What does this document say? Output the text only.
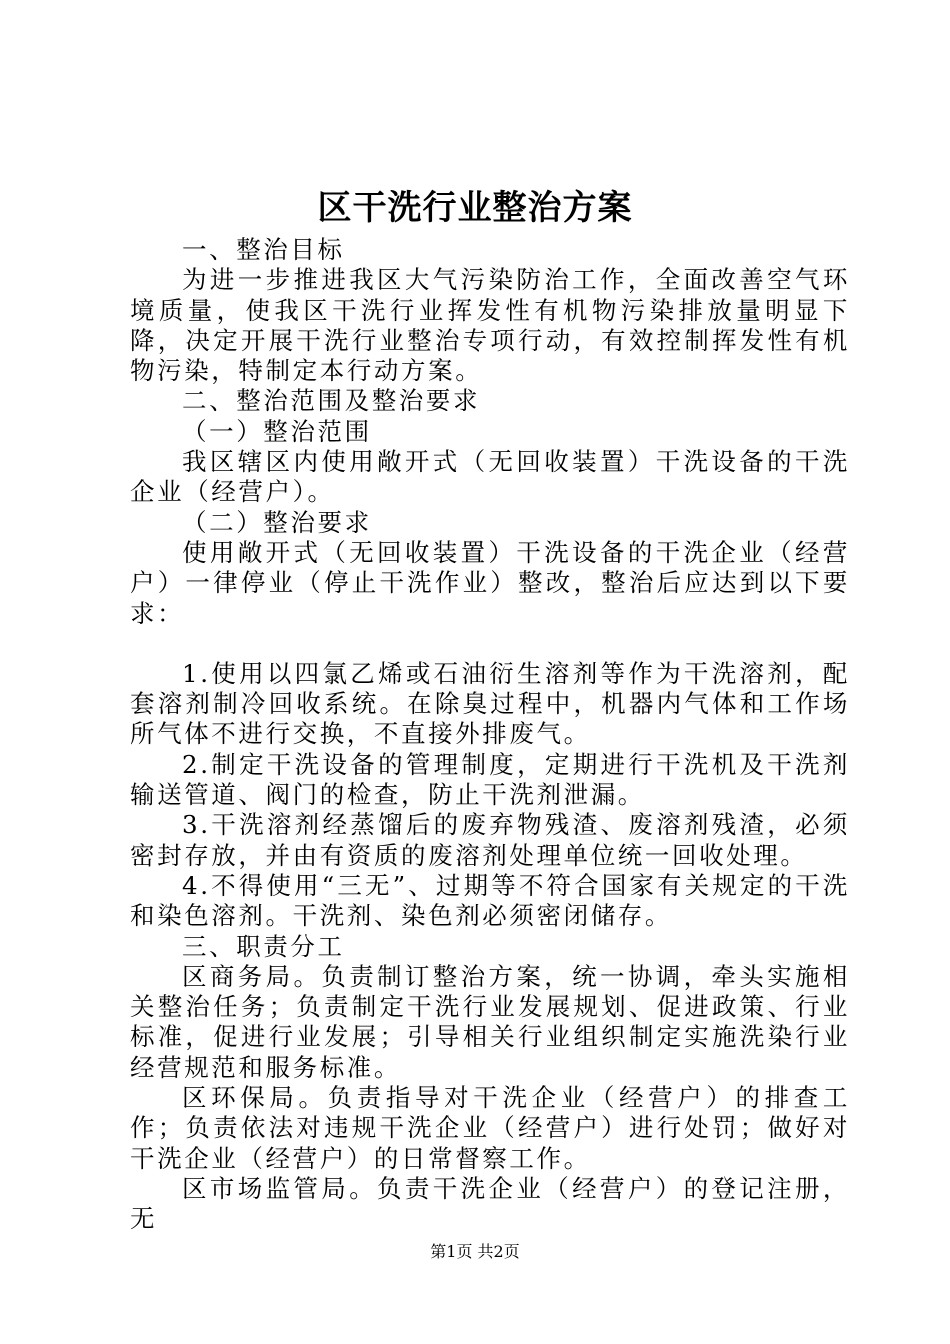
区干洗行业整治方案

一、整治目标

为进一步推进我区大气污染防治工作，全面改善空气环境质量，使我区干洗行业挥发性有机物污染排放量明显下降，决定开展干洗行业整治专项行动，有效控制挥发性有机物污染，特制定本行动方案。

二、整治范围及整治要求

（一）整治范围

我区辖区内使用敞开式（无回收装置）干洗设备的干洗企业（经营户）。

（二）整治要求

使用敞开式（无回收装置）干洗设备的干洗企业（经营户）一律停业（停止干洗作业）整改，整治后应达到以下要求：

1.使用以四氯乙烯或石油衍生溶剂等作为干洗溶剂，配套溶剂制冷回收系统。在除臭过程中，机器内气体和工作场所气体不进行交换，不直接外排废气。

2.制定干洗设备的管理制度，定期进行干洗机及干洗剂输送管道、阀门的检查，防止干洗剂泄漏。

3.干洗溶剂经蒸馏后的废弃物残渣、废溶剂残渣，必须密封存放，并由有资质的废溶剂处理单位统一回收处理。

4.不得使用“三无”、过期等不符合国家有关规定的干洗和染色溶剂。干洗剂、染色剂必须密闭储存。

三、职责分工

区商务局。负责制订整治方案，统一协调，牵头实施相关整治任务；负责制定干洗行业发展规划、促进政策、行业标准，促进行业发展；引导相关行业组织制定实施洗染行业经营规范和服务标准。

区环保局。负责指导对干洗企业（经营户）的排查工作；负责依法对违规干洗企业（经营户）进行处罚；做好对干洗企业（经营户）的日常督察工作。

区市场监管局。负责干洗企业（经营户）的登记注册，无

第1页 共2页
